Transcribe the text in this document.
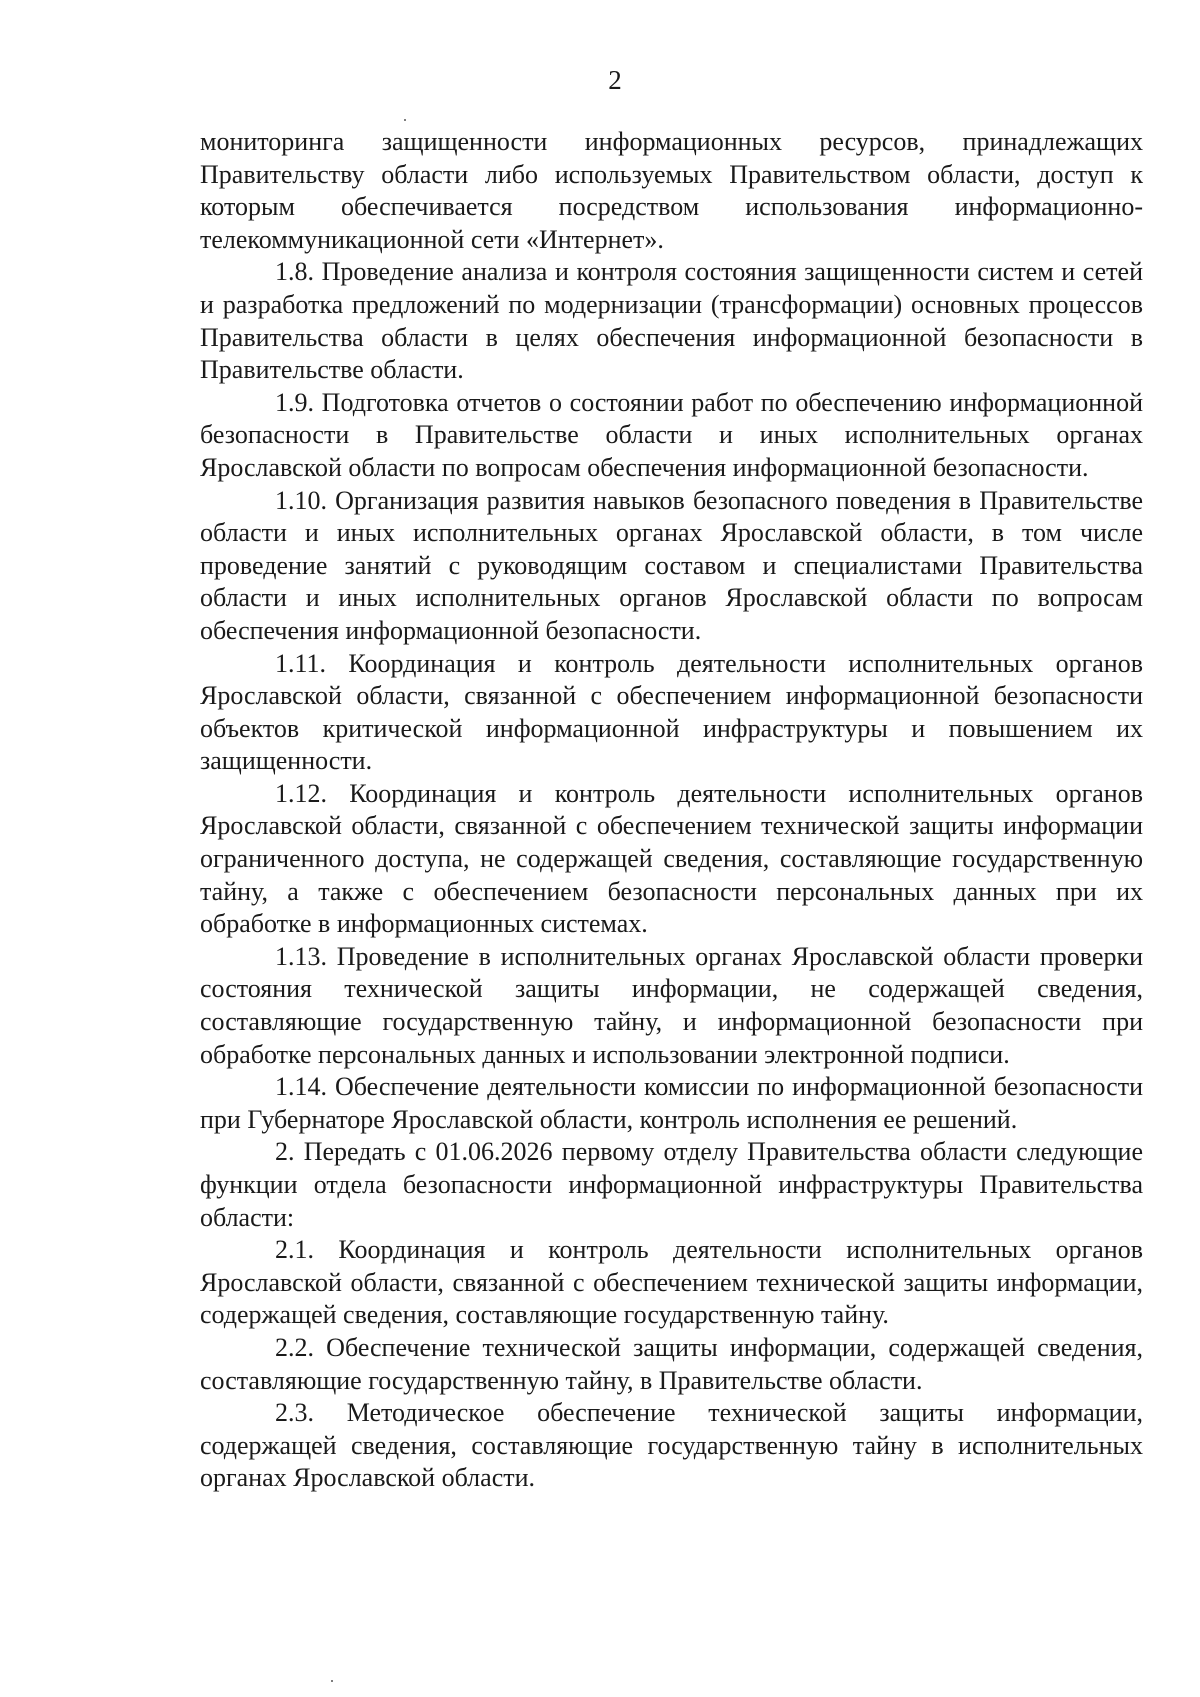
2

мониторинга защищенности информационных ресурсов, принадлежащих Правительству области либо используемых Правительством области, доступ к которым обеспечивается посредством использования информационно-телекоммуникационной сети «Интернет».

1.8. Проведение анализа и контроля состояния защищенности систем и сетей и разработка предложений по модернизации (трансформации) основных процессов Правительства области в целях обеспечения информационной безопасности в Правительстве области.

1.9. Подготовка отчетов о состоянии работ по обеспечению информационной безопасности в Правительстве области и иных исполнительных органах Ярославской области по вопросам обеспечения информационной безопасности.

1.10. Организация развития навыков безопасного поведения в Правительстве области и иных исполнительных органах Ярославской области, в том числе проведение занятий с руководящим составом и специалистами Правительства области и иных исполнительных органов Ярославской области по вопросам обеспечения информационной безопасности.

1.11. Координация и контроль деятельности исполнительных органов Ярославской области, связанной с обеспечением информационной безопасности объектов критической информационной инфраструктуры и повышением их защищенности.

1.12. Координация и контроль деятельности исполнительных органов Ярославской области, связанной с обеспечением технической защиты информации ограниченного доступа, не содержащей сведения, составляющие государственную тайну, а также с обеспечением безопасности персональных данных при их обработке в информационных системах.

1.13. Проведение в исполнительных органах Ярославской области проверки состояния технической защиты информации, не содержащей сведения, составляющие государственную тайну, и информационной безопасности при обработке персональных данных и использовании электронной подписи.

1.14. Обеспечение деятельности комиссии по информационной безопасности при Губернаторе Ярославской области, контроль исполнения ее решений.

2. Передать с 01.06.2026 первому отделу Правительства области следующие функции отдела безопасности информационной инфраструктуры Правительства области:

2.1. Координация и контроль деятельности исполнительных органов Ярославской области, связанной с обеспечением технической защиты информации, содержащей сведения, составляющие государственную тайну.

2.2. Обеспечение технической защиты информации, содержащей сведения, составляющие государственную тайну, в Правительстве области.

2.3. Методическое обеспечение технической защиты информации, содержащей сведения, составляющие государственную тайну в исполнительных органах Ярославской области.
